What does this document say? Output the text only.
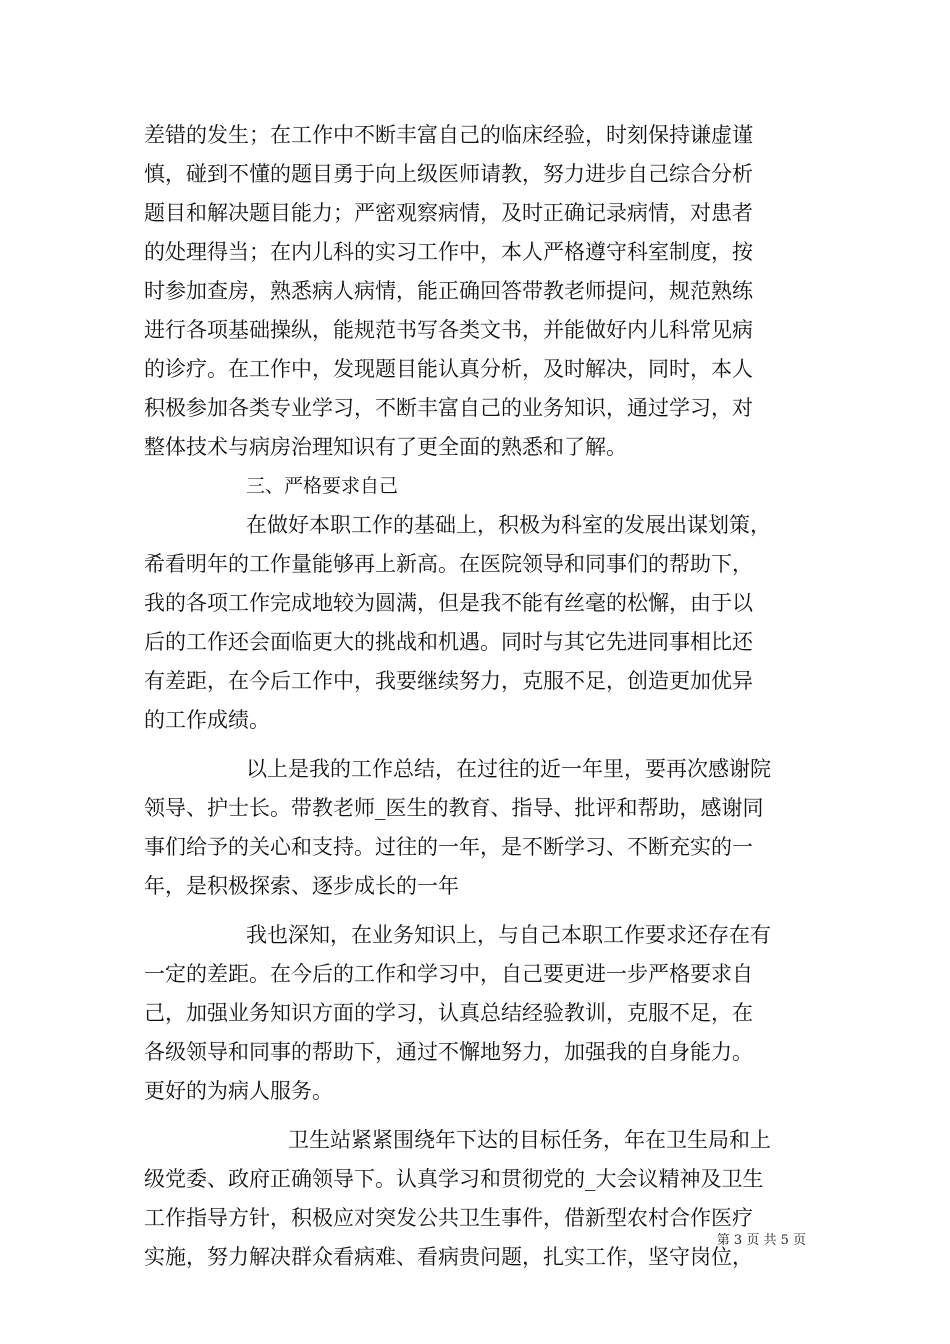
差错的发生；在工作中不断丰富自己的临床经验，时刻保持谦虚谨
慎，碰到不懂的题目勇于向上级医师请教，努力进步自己综合分析
题目和解决题目能力；严密观察病情，及时正确记录病情，对患者
的处理得当；在内儿科的实习工作中，本人严格遵守科室制度，按
时参加查房，熟悉病人病情，能正确回答带教老师提问，规范熟练
进行各项基础操纵，能规范书写各类文书，并能做好内儿科常见病
的诊疗。在工作中，发现题目能认真分析，及时解决，同时，本人
积极参加各类专业学习，不断丰富自己的业务知识，通过学习，对
整体技术与病房治理知识有了更全面的熟悉和了解。
三、严格要求自己
在做好本职工作的基础上，积极为科室的发展出谋划策，
希看明年的工作量能够再上新高。在医院领导和同事们的帮助下，
我的各项工作完成地较为圆满，但是我不能有丝毫的松懈，由于以
后的工作还会面临更大的挑战和机遇。同时与其它先进同事相比还
有差距，在今后工作中，我要继续努力，克服不足，创造更加优异
的工作成绩。
以上是我的工作总结，在过往的近一年里，要再次感谢院
领导、护士长。带教老师_医生的教育、指导、批评和帮助，感谢同
事们给予的关心和支持。过往的一年，是不断学习、不断充实的一
年，是积极探索、逐步成长的一年
我也深知，在业务知识上，与自己本职工作要求还存在有
一定的差距。在今后的工作和学习中，自己要更进一步严格要求自
己，加强业务知识方面的学习，认真总结经验教训，克服不足，在
各级领导和同事的帮助下，通过不懈地努力，加强我的自身能力。
更好的为病人服务。
卫生站紧紧围绕年下达的目标任务，年在卫生局和上
级党委、政府正确领导下。认真学习和贯彻党的_大会议精神及卫生
工作指导方针，积极应对突发公共卫生事件，借新型农村合作医疗
实施，努力解决群众看病难、看病贵问题，扎实工作，坚守岗位，
第 3 页 共 5 页
